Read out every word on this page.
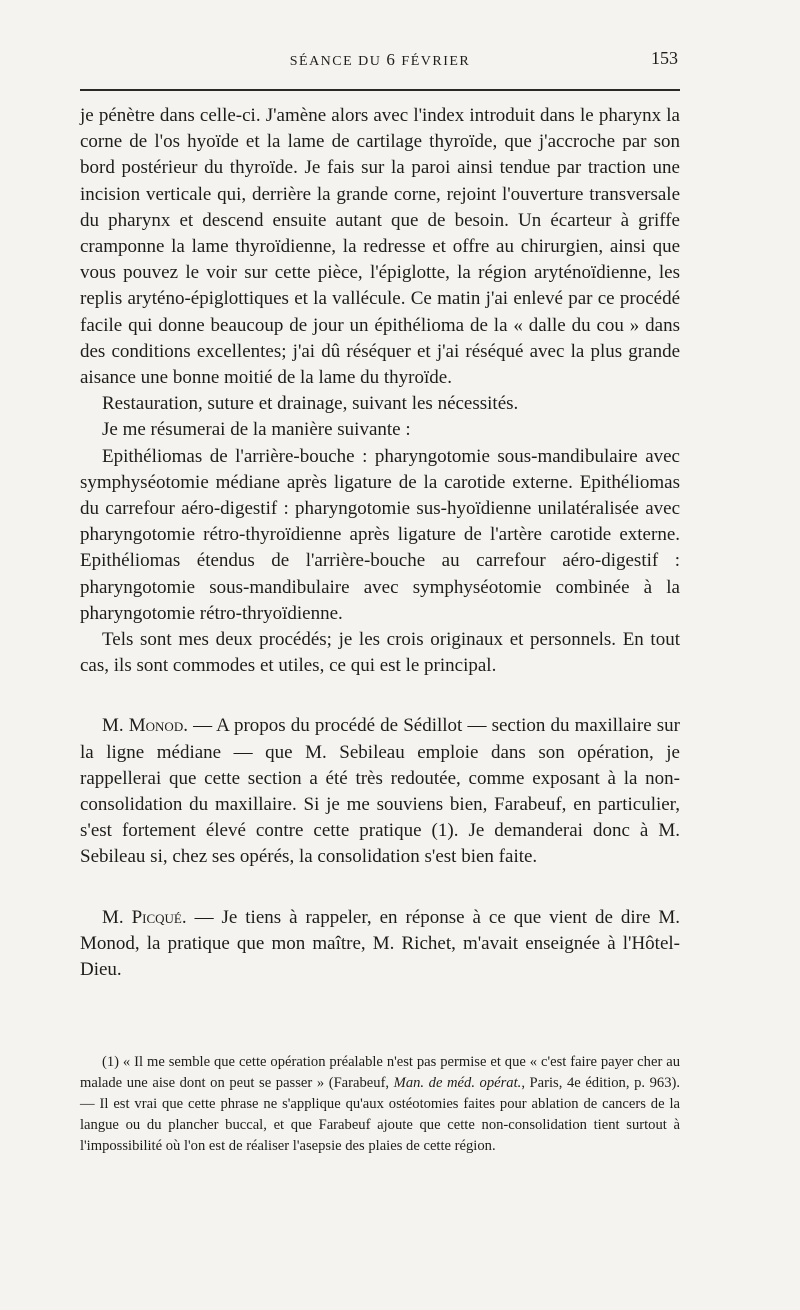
SÉANCE DU 6 FÉVRIER	153

je pénètre dans celle-ci. J'amène alors avec l'index introduit dans le pharynx la corne de l'os hyoïde et la lame de cartilage thyroïde, que j'accroche par son bord postérieur du thyroïde. Je fais sur la paroi ainsi tendue par traction une incision verticale qui, derrière la grande corne, rejoint l'ouverture transversale du pharynx et descend ensuite autant que de besoin. Un écarteur à griffe cramponne la lame thyroïdienne, la redresse et offre au chirurgien, ainsi que vous pouvez le voir sur cette pièce, l'épiglotte, la région aryténoïdienne, les replis aryténo-épiglottiques et la vallécule. Ce matin j'ai enlevé par ce procédé facile qui donne beaucoup de jour un épithélioma de la « dalle du cou » dans des conditions excellentes; j'ai dû réséquer et j'ai réséqué avec la plus grande aisance une bonne moitié de la lame du thyroïde.

Restauration, suture et drainage, suivant les nécessités.

Je me résumerai de la manière suivante :

Epithéliomas de l'arrière-bouche : pharyngotomie sous-mandibulaire avec symphyséotomie médiane après ligature de la carotide externe. Epithéliomas du carrefour aéro-digestif : pharyngotomie sus-hyoïdienne unilatéralisée avec pharyngotomie rétro-thyroïdienne après ligature de l'artère carotide externe. Epithéliomas étendus de l'arrière-bouche au carrefour aéro-digestif : pharyngotomie sous-mandibulaire avec symphyséotomie combinée à la pharyngotomie rétro-thryoïdienne.

Tels sont mes deux procédés; je les crois originaux et personnels. En tout cas, ils sont commodes et utiles, ce qui est le principal.

M. Monod. — A propos du procédé de Sédillot — section du maxillaire sur la ligne médiane — que M. Sebileau emploie dans son opération, je rappellerai que cette section a été très redoutée, comme exposant à la non-consolidation du maxillaire. Si je me souviens bien, Farabeuf, en particulier, s'est fortement élevé contre cette pratique (1). Je demanderai donc à M. Sebileau si, chez ses opérés, la consolidation s'est bien faite.

M. Picqué. — Je tiens à rappeler, en réponse à ce que vient de dire M. Monod, la pratique que mon maître, M. Richet, m'avait enseignée à l'Hôtel-Dieu.

(1) « Il me semble que cette opération préalable n'est pas permise et que « c'est faire payer cher au malade une aise dont on peut se passer » (Farabeuf, Man. de méd. opérat., Paris, 4e édition, p. 963). — Il est vrai que cette phrase ne s'applique qu'aux ostéotomies faites pour ablation de cancers de la langue ou du plancher buccal, et que Farabeuf ajoute que cette non-consolidation tient surtout à l'impossibilité où l'on est de réaliser l'asepsie des plaies de cette région.
